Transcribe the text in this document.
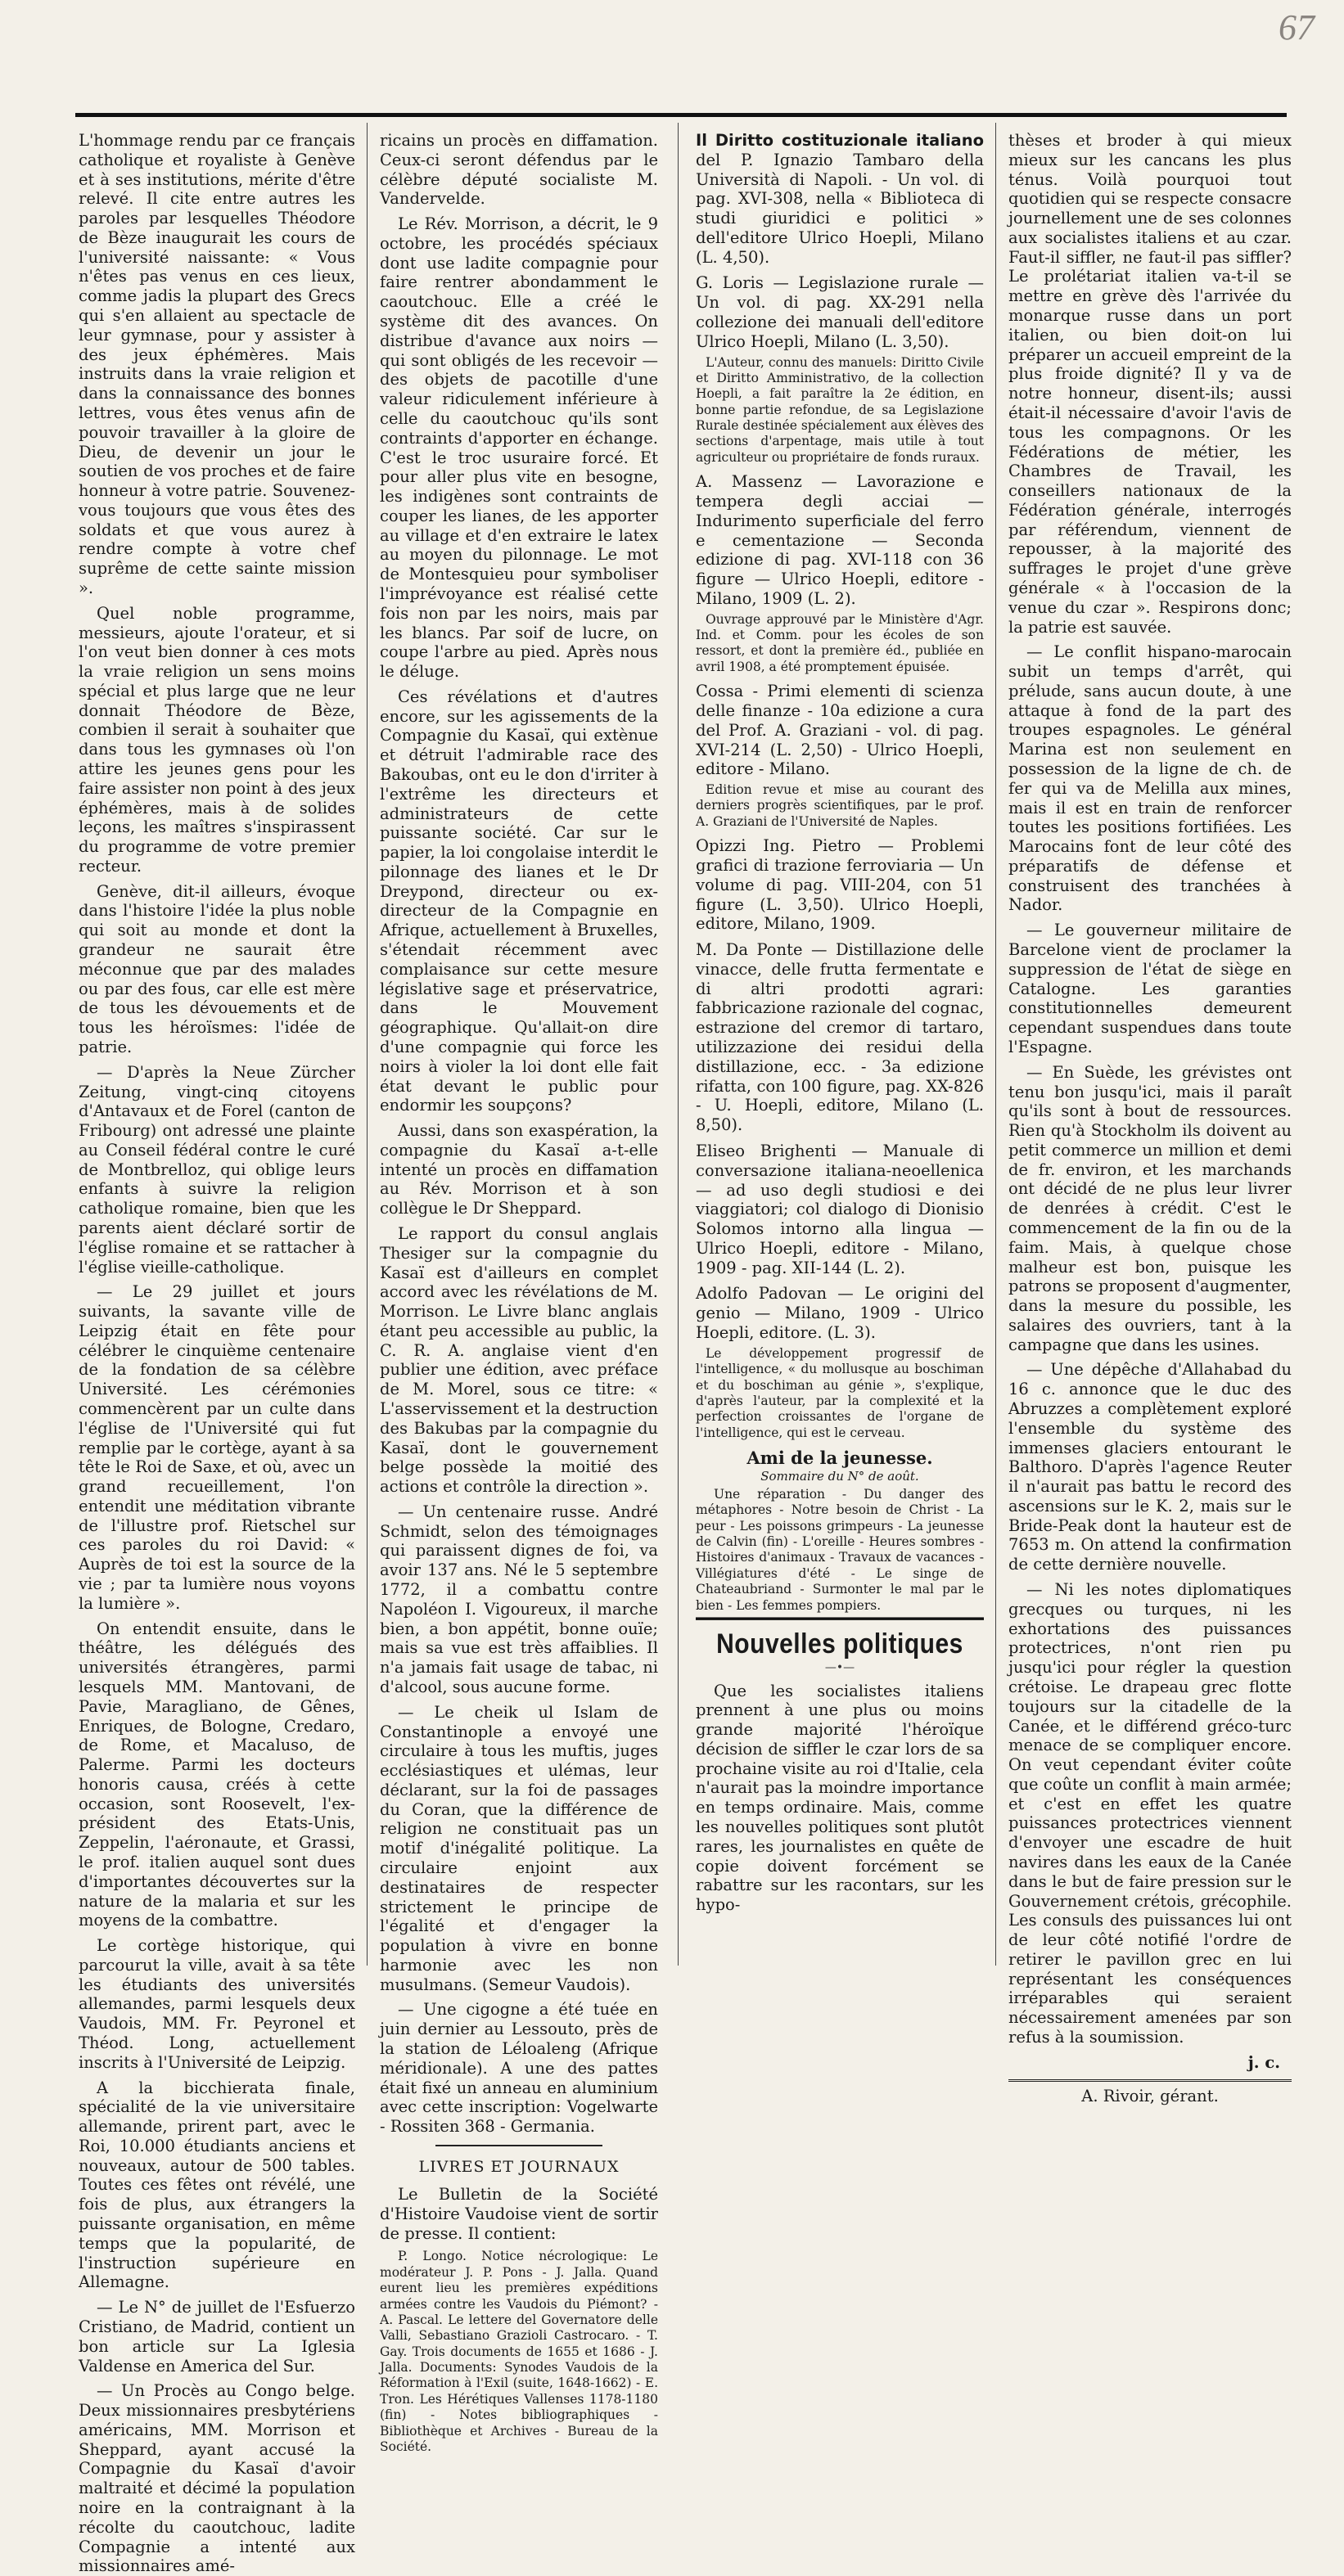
67

L'hommage rendu par ce français catholique et royaliste à Genève et à ses institutions, mérite d'être relevé. Il cite entre autres les paroles par lesquelles Théodore de Bèze inaugurait les cours de l'université naissante: « Vous n'êtes pas venus en ces lieux, comme jadis la plupart des Grecs qui s'en allaient au spectacle de leur gymnase, pour y assister à des jeux éphémères. Mais instruits dans la vraie religion et dans la connaissance des bonnes lettres, vous êtes venus afin de pouvoir travailler à la gloire de Dieu, de devenir un jour le soutien de vos proches et de faire honneur à votre patrie. Souvenez-vous toujours que vous êtes des soldats et que vous aurez à rendre compte à votre chef suprême de cette sainte mission ».

Quel noble programme, messieurs, ajoute l'orateur, et si l'on veut bien donner à ces mots la vraie religion un sens moins spécial et plus large que ne leur donnait Théodore de Bèze, combien il serait à souhaiter que dans tous les gymnases où l'on attire les jeunes gens pour les faire assister non point à des jeux éphémères, mais à de solides leçons, les maîtres s'inspirassent du programme de votre premier recteur.

Genève, dit-il ailleurs, évoque dans l'histoire l'idée la plus noble qui soit au monde et dont la grandeur ne saurait être méconnue que par des malades ou par des fous, car elle est mère de tous les dévouements et de tous les héroïsmes: l'idée de patrie.

— D'après la Neue Zürcher Zeitung, vingt-cinq citoyens d'Antavaux et de Forel (canton de Fribourg) ont adressé une plainte au Conseil fédéral contre le curé de Montbrelloz, qui oblige leurs enfants à suivre la religion catholique romaine, bien que les parents aient déclaré sortir de l'église romaine et se rattacher à l'église vieille-catholique.

— Le 29 juillet et jours suivants, la savante ville de Leipzig était en fête pour célébrer le cinquième centenaire de la fondation de sa célèbre Université. Les cérémonies commencèrent par un culte dans l'église de l'Université qui fut remplie par le cortège, ayant à sa tête le Roi de Saxe, et où, avec un grand recueillement, l'on entendit une méditation vibrante de l'illustre prof. Rietschel sur ces paroles du roi David: « Auprès de toi est la source de la vie ; par ta lumière nous voyons la lumière ».

On entendit ensuite, dans le théâtre, les délégués des universités étrangères, parmi lesquels MM. Mantovani, de Pavie, Maragliano, de Gênes, Enriques, de Bologne, Credaro, de Rome, et Macaluso, de Palerme. Parmi les docteurs honoris causa, créés à cette occasion, sont Roosevelt, l'ex-président des Etats-Unis, Zeppelin, l'aéronaute, et Grassi, le prof. italien auquel sont dues d'importantes découvertes sur la nature de la malaria et sur les moyens de la combattre.

Le cortège historique, qui parcourut la ville, avait à sa tête les étudiants des universités allemandes, parmi lesquels deux Vaudois, MM. Fr. Peyronel et Théod. Long, actuellement inscrits à l'Université de Leipzig.

A la bicchierata finale, spécialité de la vie universitaire allemande, prirent part, avec le Roi, 10.000 étudiants anciens et nouveaux, autour de 500 tables. Toutes ces fêtes ont révélé, une fois de plus, aux étrangers la puissante organisation, en même temps que la popularité, de l'instruction supérieure en Allemagne.

— Le N° de juillet de l'Esfuerzo Cristiano, de Madrid, contient un bon article sur La Iglesia Valdense en America del Sur.

— Un Procès au Congo belge. Deux missionnaires presbytériens américains, MM. Morrison et Sheppard, ayant accusé la Compagnie du Kasaï d'avoir maltraité et décimé la population noire en la contraignant à la récolte du caoutchouc, ladite Compagnie a intenté aux missionnaires amé-

ricains un procès en diffamation. Ceux-ci seront défendus par le célèbre député socialiste M. Vandervelde.

Le Rév. Morrison, a décrit, le 9 octobre, les procédés spéciaux dont use ladite compagnie pour faire rentrer abondamment le caoutchouc. Elle a créé le système dit des avances. On distribue d'avance aux noirs — qui sont obligés de les recevoir — des objets de pacotille d'une valeur ridiculement inférieure à celle du caoutchouc qu'ils sont contraints d'apporter en échange. C'est le troc usuraire forcé. Et pour aller plus vite en besogne, les indigènes sont contraints de couper les lianes, de les apporter au village et d'en extraire le latex au moyen du pilonnage. Le mot de Montesquieu pour symboliser l'imprévoyance est réalisé cette fois non par les noirs, mais par les blancs. Par soif de lucre, on coupe l'arbre au pied. Après nous le déluge.

Ces révélations et d'autres encore, sur les agissements de la Compagnie du Kasaï, qui extènue et détruit l'admirable race des Bakoubas, ont eu le don d'irriter à l'extrême les directeurs et administrateurs de cette puissante société. Car sur le papier, la loi congolaise interdit le pilonnage des lianes et le Dr Dreypond, directeur ou ex-directeur de la Compagnie en Afrique, actuellement à Bruxelles, s'étendait récemment avec complaisance sur cette mesure législative sage et préservatrice, dans le Mouvement géographique. Qu'allait-on dire d'une compagnie qui force les noirs à violer la loi dont elle fait état devant le public pour endormir les soupçons?

Aussi, dans son exaspération, la compagnie du Kasaï a-t-elle intenté un procès en diffamation au Rév. Morrison et à son collègue le Dr Sheppard.

Le rapport du consul anglais Thesiger sur la compagnie du Kasaï est d'ailleurs en complet accord avec les révélations de M. Morrison. Le Livre blanc anglais étant peu accessible au public, la C. R. A. anglaise vient d'en publier une édition, avec préface de M. Morel, sous ce titre: « L'asservissement et la destruction des Bakubas par la compagnie du Kasaï, dont le gouvernement belge possède la moitié des actions et contrôle la direction ».

— Un centenaire russe. André Schmidt, selon des témoignages qui paraissent dignes de foi, va avoir 137 ans. Né le 5 septembre 1772, il a combattu contre Napoléon I. Vigoureux, il marche bien, a bon appétit, bonne ouïe; mais sa vue est très affaiblies. Il n'a jamais fait usage de tabac, ni d'alcool, sous aucune forme.

— Le cheik ul Islam de Constantinople a envoyé une circulaire à tous les muftis, juges ecclésiastiques et ulémas, leur déclarant, sur la foi de passages du Coran, que la différence de religion ne constituait pas un motif d'inégalité politique. La circulaire enjoint aux destinataires de respecter strictement le principe de l'égalité et d'engager la population à vivre en bonne harmonie avec les non musulmans. (Semeur Vaudois).

— Une cigogne a été tuée en juin dernier au Lessouto, près de la station de Léloaleng (Afrique méridionale). A une des pattes était fixé un anneau en aluminium avec cette inscription: Vogelwarte - Rossiten 368 - Germania.

LIVRES ET JOURNAUX

Le Bulletin de la Société d'Histoire Vaudoise vient de sortir de presse. Il contient:

P. Longo. Notice nécrologique: Le modérateur J. P. Pons - J. Jalla. Quand eurent lieu les premières expéditions armées contre les Vaudois du Piémont? - A. Pascal. Le lettere del Governatore delle Valli, Sebastiano Grazioli Castrocaro. - T. Gay. Trois documents de 1655 et 1686 - J. Jalla. Documents: Synodes Vaudois de la Réformation à l'Exil (suite, 1648-1662) - E. Tron. Les Hérétiques Vallenses 1178-1180 (fin) - Notes bibliographiques - Bibliothèque et Archives - Bureau de la Société.

Il Diritto costituzionale italiano del P. Ignazio Tambaro della Università di Napoli. - Un vol. di pag. XVI-308, nella « Biblioteca di studi giuridici e politici » dell'editore Ulrico Hoepli, Milano (L. 4,50).
G. Loris — Legislazione rurale — Un vol. di pag. XX-291 nella collezione dei manuali dell'editore Ulrico Hoepli, Milano (L. 3,50).
L'Auteur, connu des manuels: Diritto Civile et Diritto Amministrativo, de la collection Hoepli, a fait paraître la 2e édition, en bonne partie refondue, de sa Legislazione Rurale destinée spécialement aux élèves des sections d'arpentage, mais utile à tout agriculteur ou propriétaire de fonds ruraux.
A. Massenz — Lavorazione e tempera degli acciai — Indurimento superficiale del ferro e cementazione — Seconda edizione di pag. XVI-118 con 36 figure — Ulrico Hoepli, editore - Milano, 1909 (L. 2).
Ouvrage approuvé par le Ministère d'Agr. Ind. et Comm. pour les écoles de son ressort, et dont la première éd., publiée en avril 1908, a été promptement épuisée.
Cossa - Primi elementi di scienza delle finanze - 10a edizione a cura del Prof. A. Graziani - vol. di pag. XVI-214 (L. 2,50) - Ulrico Hoepli, editore - Milano.
Edition revue et mise au courant des derniers progrès scientifiques, par le prof. A. Graziani de l'Université de Naples.
Opizzi Ing. Pietro — Problemi grafici di trazione ferroviaria — Un volume di pag. VIII-204, con 51 figure (L. 3,50). Ulrico Hoepli, editore, Milano, 1909.
M. Da Ponte — Distillazione delle vinacce, delle frutta fermentate e di altri prodotti agrari: fabbricazione razionale del cognac, estrazione del cremor di tartaro, utilizzazione dei residui della distillazione, ecc. - 3a edizione rifatta, con 100 figure, pag. XX-826 - U. Hoepli, editore, Milano (L. 8,50).
Eliseo Brighenti — Manuale di conversazione italiana-neoellenica — ad uso degli studiosi e dei viaggiatori; col dialogo di Dionisio Solomos intorno alla lingua — Ulrico Hoepli, editore - Milano, 1909 - pag. XII-144 (L. 2).
Adolfo Padovan — Le origini del genio — Milano, 1909 - Ulrico Hoepli, editore. (L. 3).
Le développement progressif de l'intelligence, « du mollusque au boschiman et du boschiman au génie », s'explique, d'après l'auteur, par la complexité et la perfection croissantes de l'organe de l'intelligence, qui est le cerveau.
Ami de la jeunesse.
Sommaire du N° de août.

Une réparation - Du danger des métaphores - Notre besoin de Christ - La peur - Les poissons grimpeurs - La jeunesse de Calvin (fin) - L'oreille - Heures sombres - Histoires d'animaux - Travaux de vacances - Villégiatures d'été - Le singe de Chateaubriand - Surmonter le mal par le bien - Les femmes pompiers.

Nouvelles politiques
—•—

Que les socialistes italiens prennent à une plus ou moins grande majorité l'héroïque décision de siffler le czar lors de sa prochaine visite au roi d'Italie, cela n'aurait pas la moindre importance en temps ordinaire. Mais, comme les nouvelles politiques sont plutôt rares, les journalistes en quête de copie doivent forcément se rabattre sur les racontars, sur les hypo-

thèses et broder à qui mieux mieux sur les cancans les plus ténus. Voilà pourquoi tout quotidien qui se respecte consacre journellement une de ses colonnes aux socialistes italiens et au czar. Faut-il siffler, ne faut-il pas siffler? Le prolétariat italien va-t-il se mettre en grève dès l'arrivée du monarque russe dans un port italien, ou bien doit-on lui préparer un accueil empreint de la plus froide dignité? Il y va de notre honneur, disent-ils; aussi était-il nécessaire d'avoir l'avis de tous les compagnons. Or les Fédérations de métier, les Chambres de Travail, les conseillers nationaux de la Fédération générale, interrogés par référendum, viennent de repousser, à la majorité des suffrages le projet d'une grève générale « à l'occasion de la venue du czar ». Respirons donc; la patrie est sauvée.

— Le conflit hispano-marocain subit un temps d'arrêt, qui prélude, sans aucun doute, à une attaque à fond de la part des troupes espagnoles. Le général Marina est non seulement en possession de la ligne de ch. de fer qui va de Melilla aux mines, mais il est en train de renforcer toutes les positions fortifiées. Les Marocains font de leur côté des préparatifs de défense et construisent des tranchées à Nador.

— Le gouverneur militaire de Barcelone vient de proclamer la suppression de l'état de siège en Catalogne. Les garanties constitutionnelles demeurent cependant suspendues dans toute l'Espagne.

— En Suède, les grévistes ont tenu bon jusqu'ici, mais il paraît qu'ils sont à bout de ressources. Rien qu'à Stockholm ils doivent au petit commerce un million et demi de fr. environ, et les marchands ont décidé de ne plus leur livrer de denrées à crédit. C'est le commencement de la fin ou de la faim. Mais, à quelque chose malheur est bon, puisque les patrons se proposent d'augmenter, dans la mesure du possible, les salaires des ouvriers, tant à la campagne que dans les usines.

— Une dépêche d'Allahabad du 16 c. annonce que le duc des Abruzzes a complètement exploré l'ensemble du système des immenses glaciers entourant le Balthoro. D'après l'agence Reuter il n'aurait pas battu le record des ascensions sur le K. 2, mais sur le Bride-Peak dont la hauteur est de 7653 m. On attend la confirmation de cette dernière nouvelle.

— Ni les notes diplomatiques grecques ou turques, ni les exhortations des puissances protectrices, n'ont rien pu jusqu'ici pour régler la question crétoise. Le drapeau grec flotte toujours sur la citadelle de la Canée, et le différend gréco-turc menace de se compliquer encore. On veut cependant éviter coûte que coûte un conflit à main armée; et c'est en effet les quatre puissances protectrices viennent d'envoyer une escadre de huit navires dans les eaux de la Canée dans le but de faire pression sur le Gouvernement crétois, grécophile. Les consuls des puissances lui ont de leur côté notifié l'ordre de retirer le pavillon grec en lui représentant les conséquences irréparables qui seraient nécessairement amenées par son refus à la soumission.

j. c.
A. Rivoir, gérant.
